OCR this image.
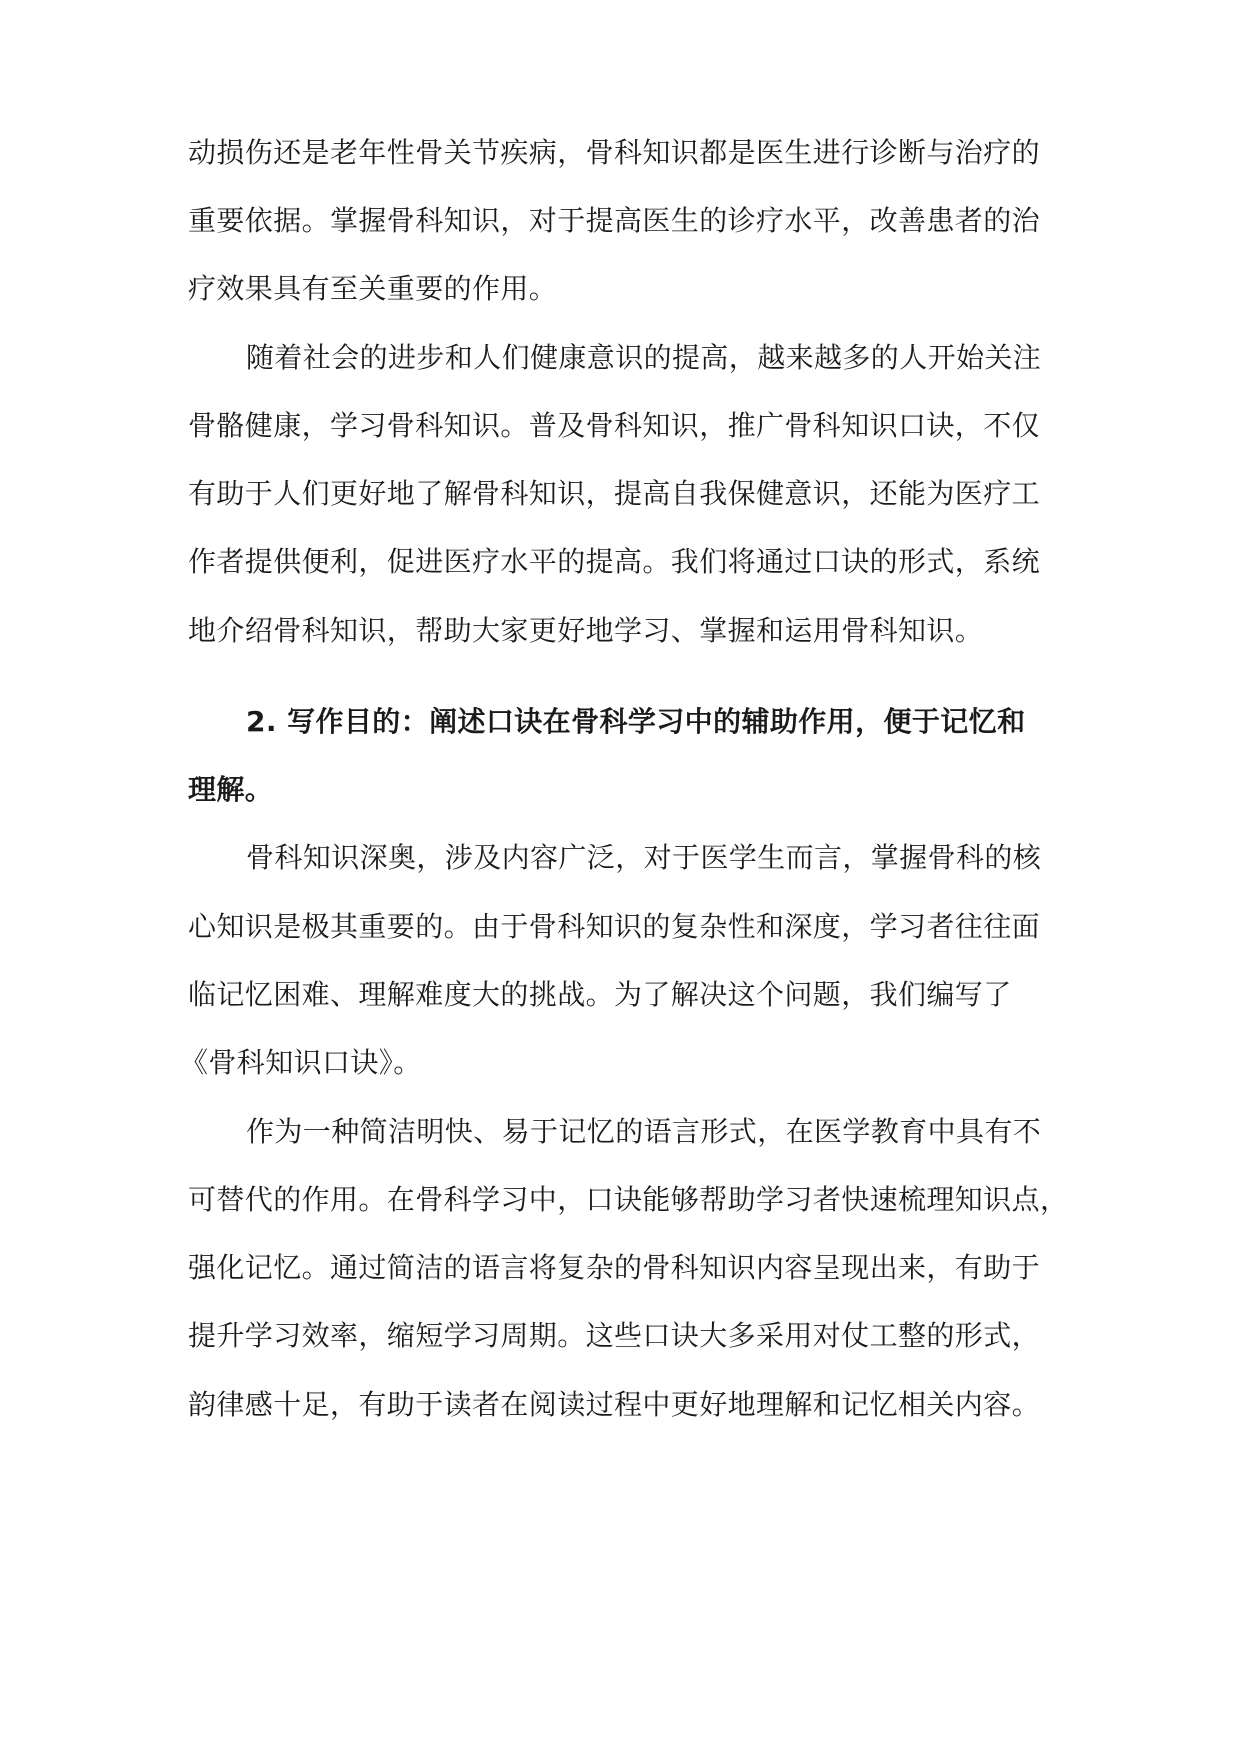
动损伤还是老年性骨关节疾病，骨科知识都是医生进行诊断与治疗的
重要依据。掌握骨科知识，对于提高医生的诊疗水平，改善患者的治
疗效果具有至关重要的作用。
随着社会的进步和人们健康意识的提高，越来越多的人开始关注
骨骼健康，学习骨科知识。普及骨科知识，推广骨科知识口诀，不仅
有助于人们更好地了解骨科知识，提高自我保健意识，还能为医疗工
作者提供便利，促进医疗水平的提高。我们将通过口诀的形式，系统
地介绍骨科知识，帮助大家更好地学习、掌握和运用骨科知识。
2. 写作目的：阐述口诀在骨科学习中的辅助作用，便于记忆和
理解。
骨科知识深奥，涉及内容广泛，对于医学生而言，掌握骨科的核
心知识是极其重要的。由于骨科知识的复杂性和深度，学习者往往面
临记忆困难、理解难度大的挑战。为了解决这个问题，我们编写了
《骨科知识口诀》。
作为一种简洁明快、易于记忆的语言形式，在医学教育中具有不
可替代的作用。在骨科学习中，口诀能够帮助学习者快速梳理知识点，
强化记忆。通过简洁的语言将复杂的骨科知识内容呈现出来，有助于
提升学习效率，缩短学习周期。这些口诀大多采用对仗工整的形式，
韵律感十足，有助于读者在阅读过程中更好地理解和记忆相关内容。
